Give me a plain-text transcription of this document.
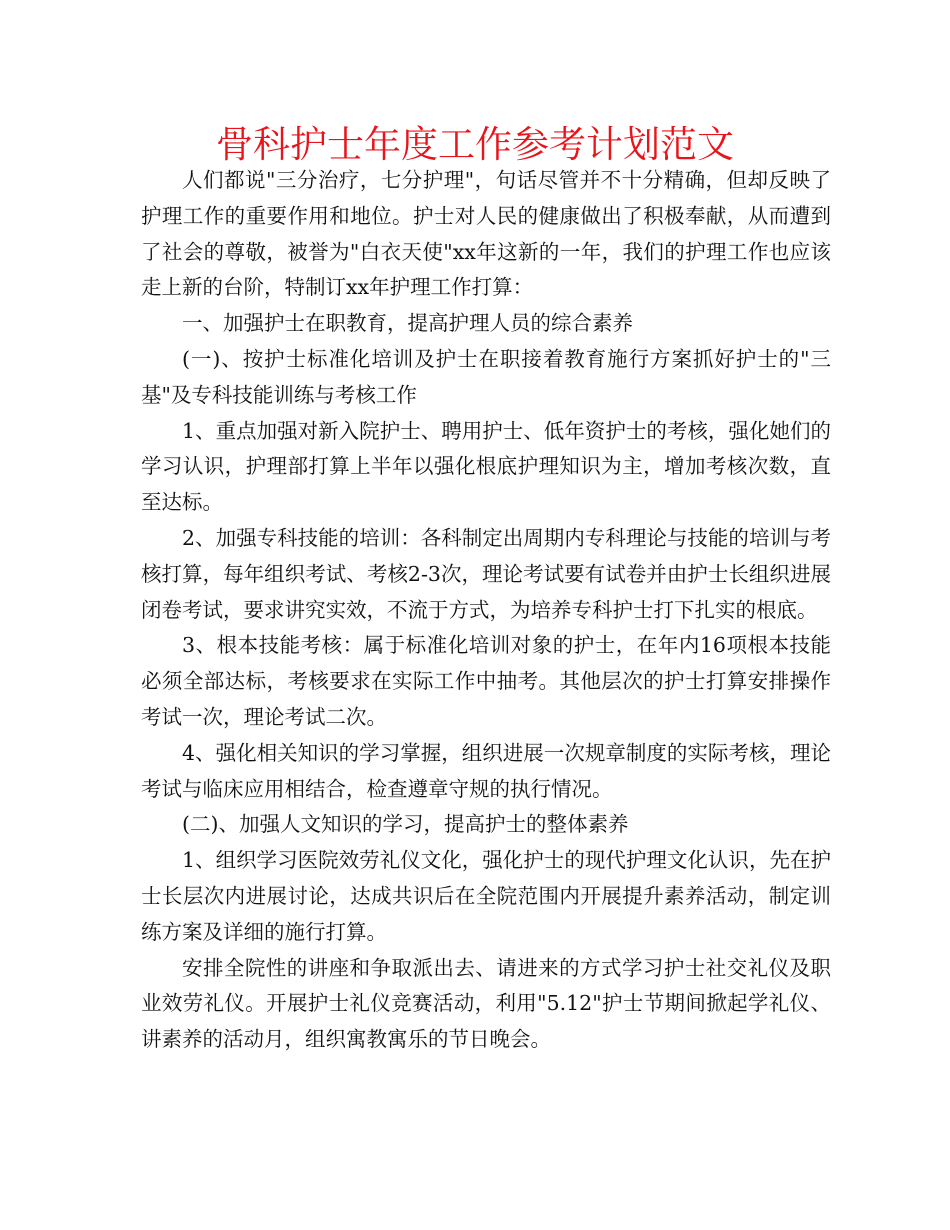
骨科护士年度工作参考计划范文

人们都说"三分治疗，七分护理"，句话尽管并不十分精确，但却反映了护理工作的重要作用和地位。护士对人民的健康做出了积极奉献，从而遭到了社会的尊敬，被誉为"白衣天使"xx年这新的一年，我们的护理工作也应该走上新的台阶，特制订xx年护理工作打算：

一、加强护士在职教育，提高护理人员的综合素养

(一)、按护士标准化培训及护士在职接着教育施行方案抓好护士的"三基"及专科技能训练与考核工作

1、重点加强对新入院护士、聘用护士、低年资护士的考核，强化她们的学习认识，护理部打算上半年以强化根底护理知识为主，增加考核次数，直至达标。

2、加强专科技能的培训：各科制定出周期内专科理论与技能的培训与考核打算，每年组织考试、考核2-3次，理论考试要有试卷并由护士长组织进展闭卷考试，要求讲究实效，不流于方式，为培养专科护士打下扎实的根底。

3、根本技能考核：属于标准化培训对象的护士，在年内16项根本技能必须全部达标，考核要求在实际工作中抽考。其他层次的护士打算安排操作考试一次，理论考试二次。

4、强化相关知识的学习掌握，组织进展一次规章制度的实际考核，理论考试与临床应用相结合，检查遵章守规的执行情况。

(二)、加强人文知识的学习，提高护士的整体素养

1、组织学习医院效劳礼仪文化，强化护士的现代护理文化认识，先在护士长层次内进展讨论，达成共识后在全院范围内开展提升素养活动，制定训练方案及详细的施行打算。

安排全院性的讲座和争取派出去、请进来的方式学习护士社交礼仪及职业效劳礼仪。开展护士礼仪竞赛活动，利用"5.12"护士节期间掀起学礼仪、讲素养的活动月，组织寓教寓乐的节日晚会。
